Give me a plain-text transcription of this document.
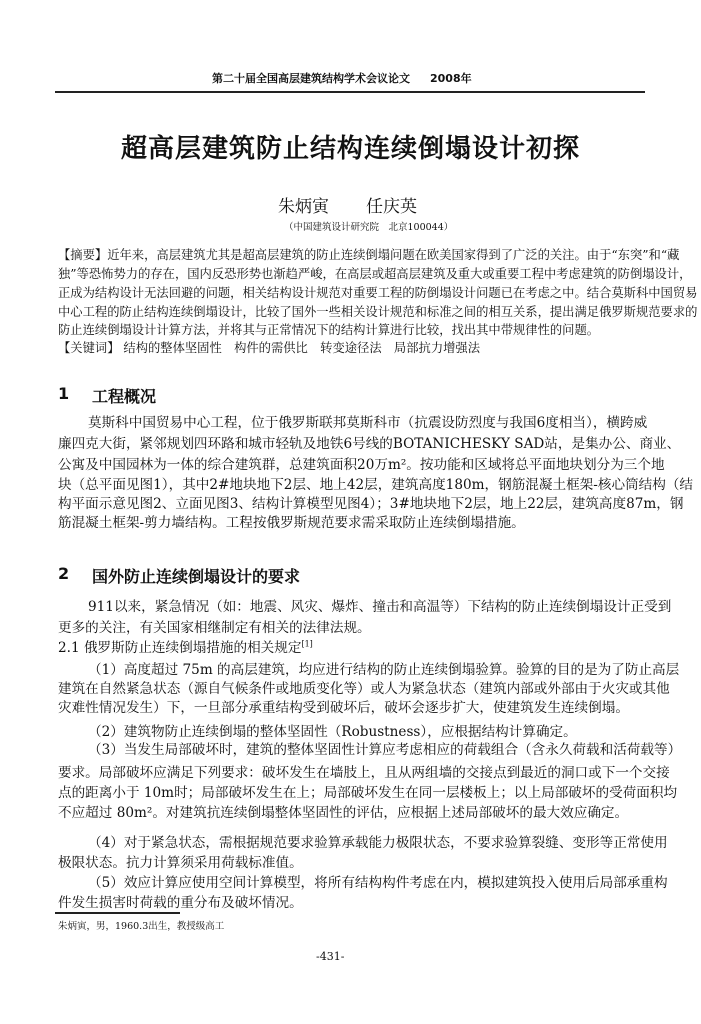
第二十届全国高层建筑结构学术会议论文 2008年
超高层建筑防止结构连续倒塌设计初探
朱炳寅 任庆英
（中国建筑设计研究院　北京100044）
【摘要】近年来，高层建筑尤其是超高层建筑的防止连续倒塌问题在欧美国家得到了广泛的关注。由于“东突”和“藏
独”等恐怖势力的存在，国内反恐形势也渐趋严峻，在高层或超高层建筑及重大或重要工程中考虑建筑的防倒塌设计，
正成为结构设计无法回避的问题，相关结构设计规范对重要工程的防倒塌设计问题已在考虑之中。结合莫斯科中国贸易
中心工程的防止结构连续倒塌设计，比较了国外一些相关设计规范和标准之间的相互关系，提出满足俄罗斯规范要求的
防止连续倒塌设计计算方法，并将其与正常情况下的结构计算进行比较，找出其中带规律性的问题。
【关键词】 结构的整体坚固性　构件的需供比　转变途径法　局部抗力增强法
1 工程概况
莫斯科中国贸易中心工程，位于俄罗斯联邦莫斯科市（抗震设防烈度与我国6度相当），横跨威
廉四克大街，紧邻规划四环路和城市轻轨及地铁6号线的BOTANICHESKY SAD站，是集办公、商业、
公寓及中国园林为一体的综合建筑群，总建筑面积20万m²。按功能和区域将总平面地块划分为三个地
块（总平面见图1），其中2#地块地下2层、地上42层，建筑高度180m，钢筋混凝土框架-核心筒结构（结
构平面示意见图2、立面见图3、结构计算模型见图4）；3#地块地下2层，地上22层，建筑高度87m，钢
筋混凝土框架-剪力墙结构。工程按俄罗斯规范要求需采取防止连续倒塌措施。
2 国外防止连续倒塌设计的要求
911以来，紧急情况（如：地震、风灾、爆炸、撞击和高温等）下结构的防止连续倒塌设计正受到
更多的关注，有关国家相继制定有相关的法律法规。
2.1 俄罗斯防止连续倒塌措施的相关规定[1]
（1）高度超过 75m 的高层建筑，均应进行结构的防止连续倒塌验算。验算的目的是为了防止高层
建筑在自然紧急状态（源自气候条件或地质变化等）或人为紧急状态（建筑内部或外部由于火灾或其他
灾难性情况发生）下，一旦部分承重结构受到破坏后，破坏会逐步扩大，使建筑发生连续倒塌。
（2）建筑物防止连续倒塌的整体坚固性（Robustness），应根据结构计算确定。
（3）当发生局部破坏时，建筑的整体坚固性计算应考虑相应的荷载组合（含永久荷载和活荷载等）
要求。局部破坏应满足下列要求：破坏发生在墙肢上，且从两组墙的交接点到最近的洞口或下一个交接
点的距离小于 10m时；局部破坏发生在上；局部破坏发生在同一层楼板上；以上局部破坏的受荷面积均
不应超过 80m²。对建筑抗连续倒塌整体坚固性的评估，应根据上述局部破坏的最大效应确定。
（4）对于紧急状态，需根据规范要求验算承载能力极限状态，不要求验算裂缝、变形等正常使用
极限状态。抗力计算须采用荷载标准值。
（5）效应计算应使用空间计算模型，将所有结构构件考虑在内，模拟建筑投入使用后局部承重构
件发生损害时荷载的重分布及破坏情况。
朱炳寅，男，1960.3出生，教授级高工
-431-
